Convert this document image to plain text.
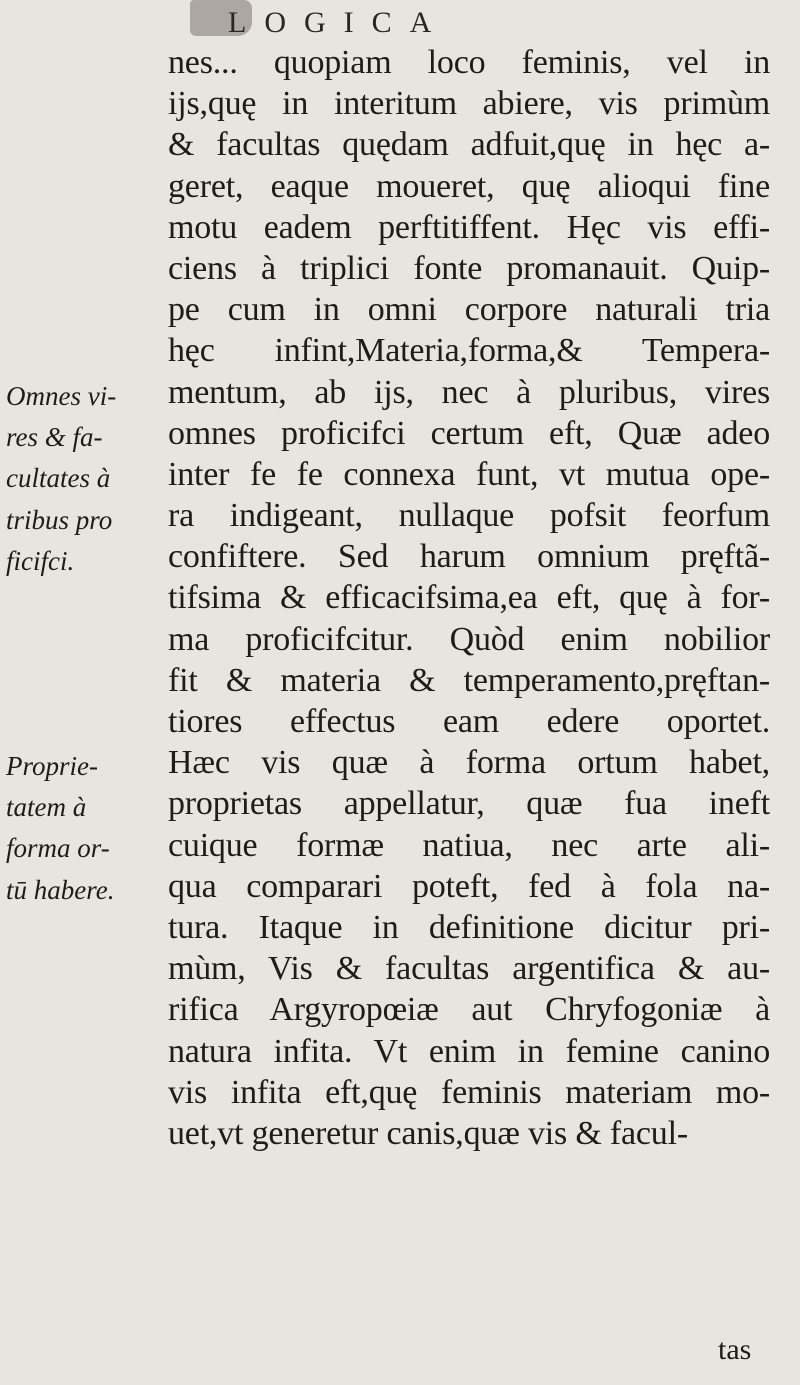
LOGICA
nes... quopiam loco feminis, vel in
ijs,quę in interitum abiere, vis primùm
& facultas quędam adfuit,quę in hęc a-
geret, eaque moueret, quę alioqui fine
motu eadem perftitiffent. Hęc vis effi-
ciens à triplici fonte promanauit. Quip-
pe cum in omni corpore naturali tria
hęc infint,Materia,forma,& Tempera-
mentum, ab ijs, nec à pluribus, vires
omnes proficifci certum eft, Quæ adeo
inter fe fe connexa funt, vt mutua ope-
ra indigeant, nullaque pofsit feorfum
confiftere. Sed harum omnium pręftã-
tifsima & efficacifsima,ea eft, quę à for-
ma proficifcitur. Quòd enim nobilior
fit & materia & temperamento,pręftan-
tiores effectus eam edere oportet.
Hæc vis quæ à forma ortum habet,
proprietas appellatur, quæ fua ineft
cuique formæ natiua, nec arte ali-
qua comparari poteft, fed à fola na-
tura. Itaque in definitione dicitur pri-
mùm, Vis & facultas argentifica & au-
rifica Argyropœiæ aut Chryfogoniæ à
natura infita. Vt enim in femine canino
vis infita eft,quę feminis materiam mo-
uet,vt generetur canis,quæ vis & facul-
Omnes vi-
res & fa-
cultates à
tribus pro
ficifci.
Proprie-
tatem à
forma or-
tū habere.
tas
